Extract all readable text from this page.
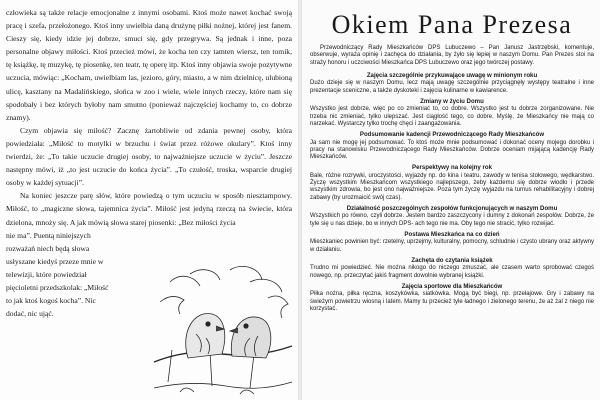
człowieka są także relacje emocjonalne z innymi osobami. Ktoś może nawet kochać swoją pracę i szefa, przełożonego. Ktoś inny uwielbia daną drużynę piłki nożnej, której jest fanem. Cieszy się, kiedy idzie jej dobrze, smuci się, gdy przegrywa. Są jednak i inne, poza personalne objawy miłości. Ktoś przecież mówi, że kocha ten czy tamten wiersz, ten tomik, tę książkę, tę muzykę, tę piosenkę, ten teatr, tę operę itp. Ktoś inny objawia swoje pozytywne uczucia, mówiąc: „Kocham, uwielbiam las, jezioro, góry, miasto, a w nim dzielnicę, ulubioną ulicę, kasztany na Madalińskiego, słońca w zoo i wiele, wiele innych rzeczy, które nam się spodobały i bez których byłoby nam smutno (ponieważ najczęściej kochamy to, co dobrze znamy).

Czym objawia się miłość? Zacznę żartobliwie od zdania pewnej osoby, która powiedziała: „Miłość to motylki w brzuchu i świat przez różowe okulary”. Ktoś inny twierdzi, że: „To takie uczucie drugiej osoby, to najważniejsze uczucie w życiu”. Jeszcze następny mówi, iż „to jest uczucie do końca życia”. „To czułość, troska, wsparcie drugiej osoby w każdej sytuacji”.

Na koniec jeszcze parę słów, które powiedzą o tym uczuciu w sposób niesztampowy. Miłość, to „magiczne słowa, tajemnica życia”. Miłość jest jedyną rzeczą na świecie, która dzielona, mnoży się. A jak mówią słowa starej piosenki: „Bez miłości życia

nie ma”. Puentą niniejszych

rozważań niech będą słowa

usłyszane kiedyś przeze mnie w

telewizji, które powiedział

pięcioletni przedszkolak: „Miłość

to jak ktoś kogoś kocha”. Nic

dodać, nic ująć.

Okiem Pana Prezesa

Przewodniczący Rady Mieszkańców DPS Lubuczewo – Pan Janusz Jastrzębski, komentuje, obserwuje, wyraża opinię i zachęca do działania, by żyło się lepiej w naszym Domu. Pan Prezes stoi na straży honoru i uczciwości Mieszkańca DPS Lubuczewo oraz jego twórczej postawy.

Zajęcia szczególnie przykuwające uwagę w minionym roku

Dużo dzieje się w naszym Domu, lecz mają uwagę szczególnie przyciągnęły występy teatralne i inne prezentacje sceniczne, a także dyskoteki i zajęcia kulinarne w kawiarence.

Zmiany w życiu Domu

Wszystko jest dobrze, więc po co zmieniać to, co dobre. Wszystko jest tu dobrze zorganizowane. Nie trzeba nic zmieniać, tylko ulepszać. Jest ciągłość tego, co dobre. Myślę, że Mieszkańcy nie mają co narzekać. Wystarczy tylko trochę chęci i zaangażowania.

Podsumowanie kadencji Przewodniczącego Rady Mieszkańców

Ja sam nie mogę jej podsumować. To ktoś może mnie podsumować i dokonać oceny mojego dorobku i pracy na stanowisku Przewodniczącego Rady Mieszkańców. Dobrze oceniam mijającą kadencję Rady Mieszkańców.

Perspektywy na kolejny rok

Bale, różne rozrywki, uroczystości, wyjazdy np. do kina i teatru, zawody w tenisa stołowego, wędkarstwo. Życzę wszystkim Mieszkańcom wszystkiego najlepszego, żeby każdemu się dobrze wiodło i przede wszystkim zdrowia, bo jest ono najważniejsze. Poza tym życzę wyjazdu na turnus rehabilitacyjny i dobrej zabawy (by urozmaicić swój czas).

Działalność poszczególnych zespołów funkcjonujących w naszym Domu

Wszystkich po równo, czyli dobrze. Jestem bardzo zaszczycony i dumny z dokonań zespołów. Dobrze, że tyle się u nas dzieje, bo w innych DPS- ach tego nie ma. Oby tego nie stracić, tylko rozwijać.

Postawa Mieszkańca na co dzień

Mieszkaniec powinien być: rzetelny, uprzejmy, kulturalny, pomocny, schludnie i czysto ubrany oraz aktywny w działaniu.

Zachęta do czytania książek

Trudno mi powiedzieć. Nie można nikogo do niczego zmuszać, ale czasem warto sprobować czegoś nowego, np. przeczytać jakiś fragment dowolnie wybranej książki.

Zajęcia sportowe dla Mieszkańców

Piłka nożna, piłka ręczna, koszykówka, siatkówka. Mogą być biegi, np. przełajowe. Gry i zabawy na świeżym powietrzu wiosną i latem. Mamy tu przecież tyle ładnego i zielonego terenu, że aż żal z niego nie korzystać.
